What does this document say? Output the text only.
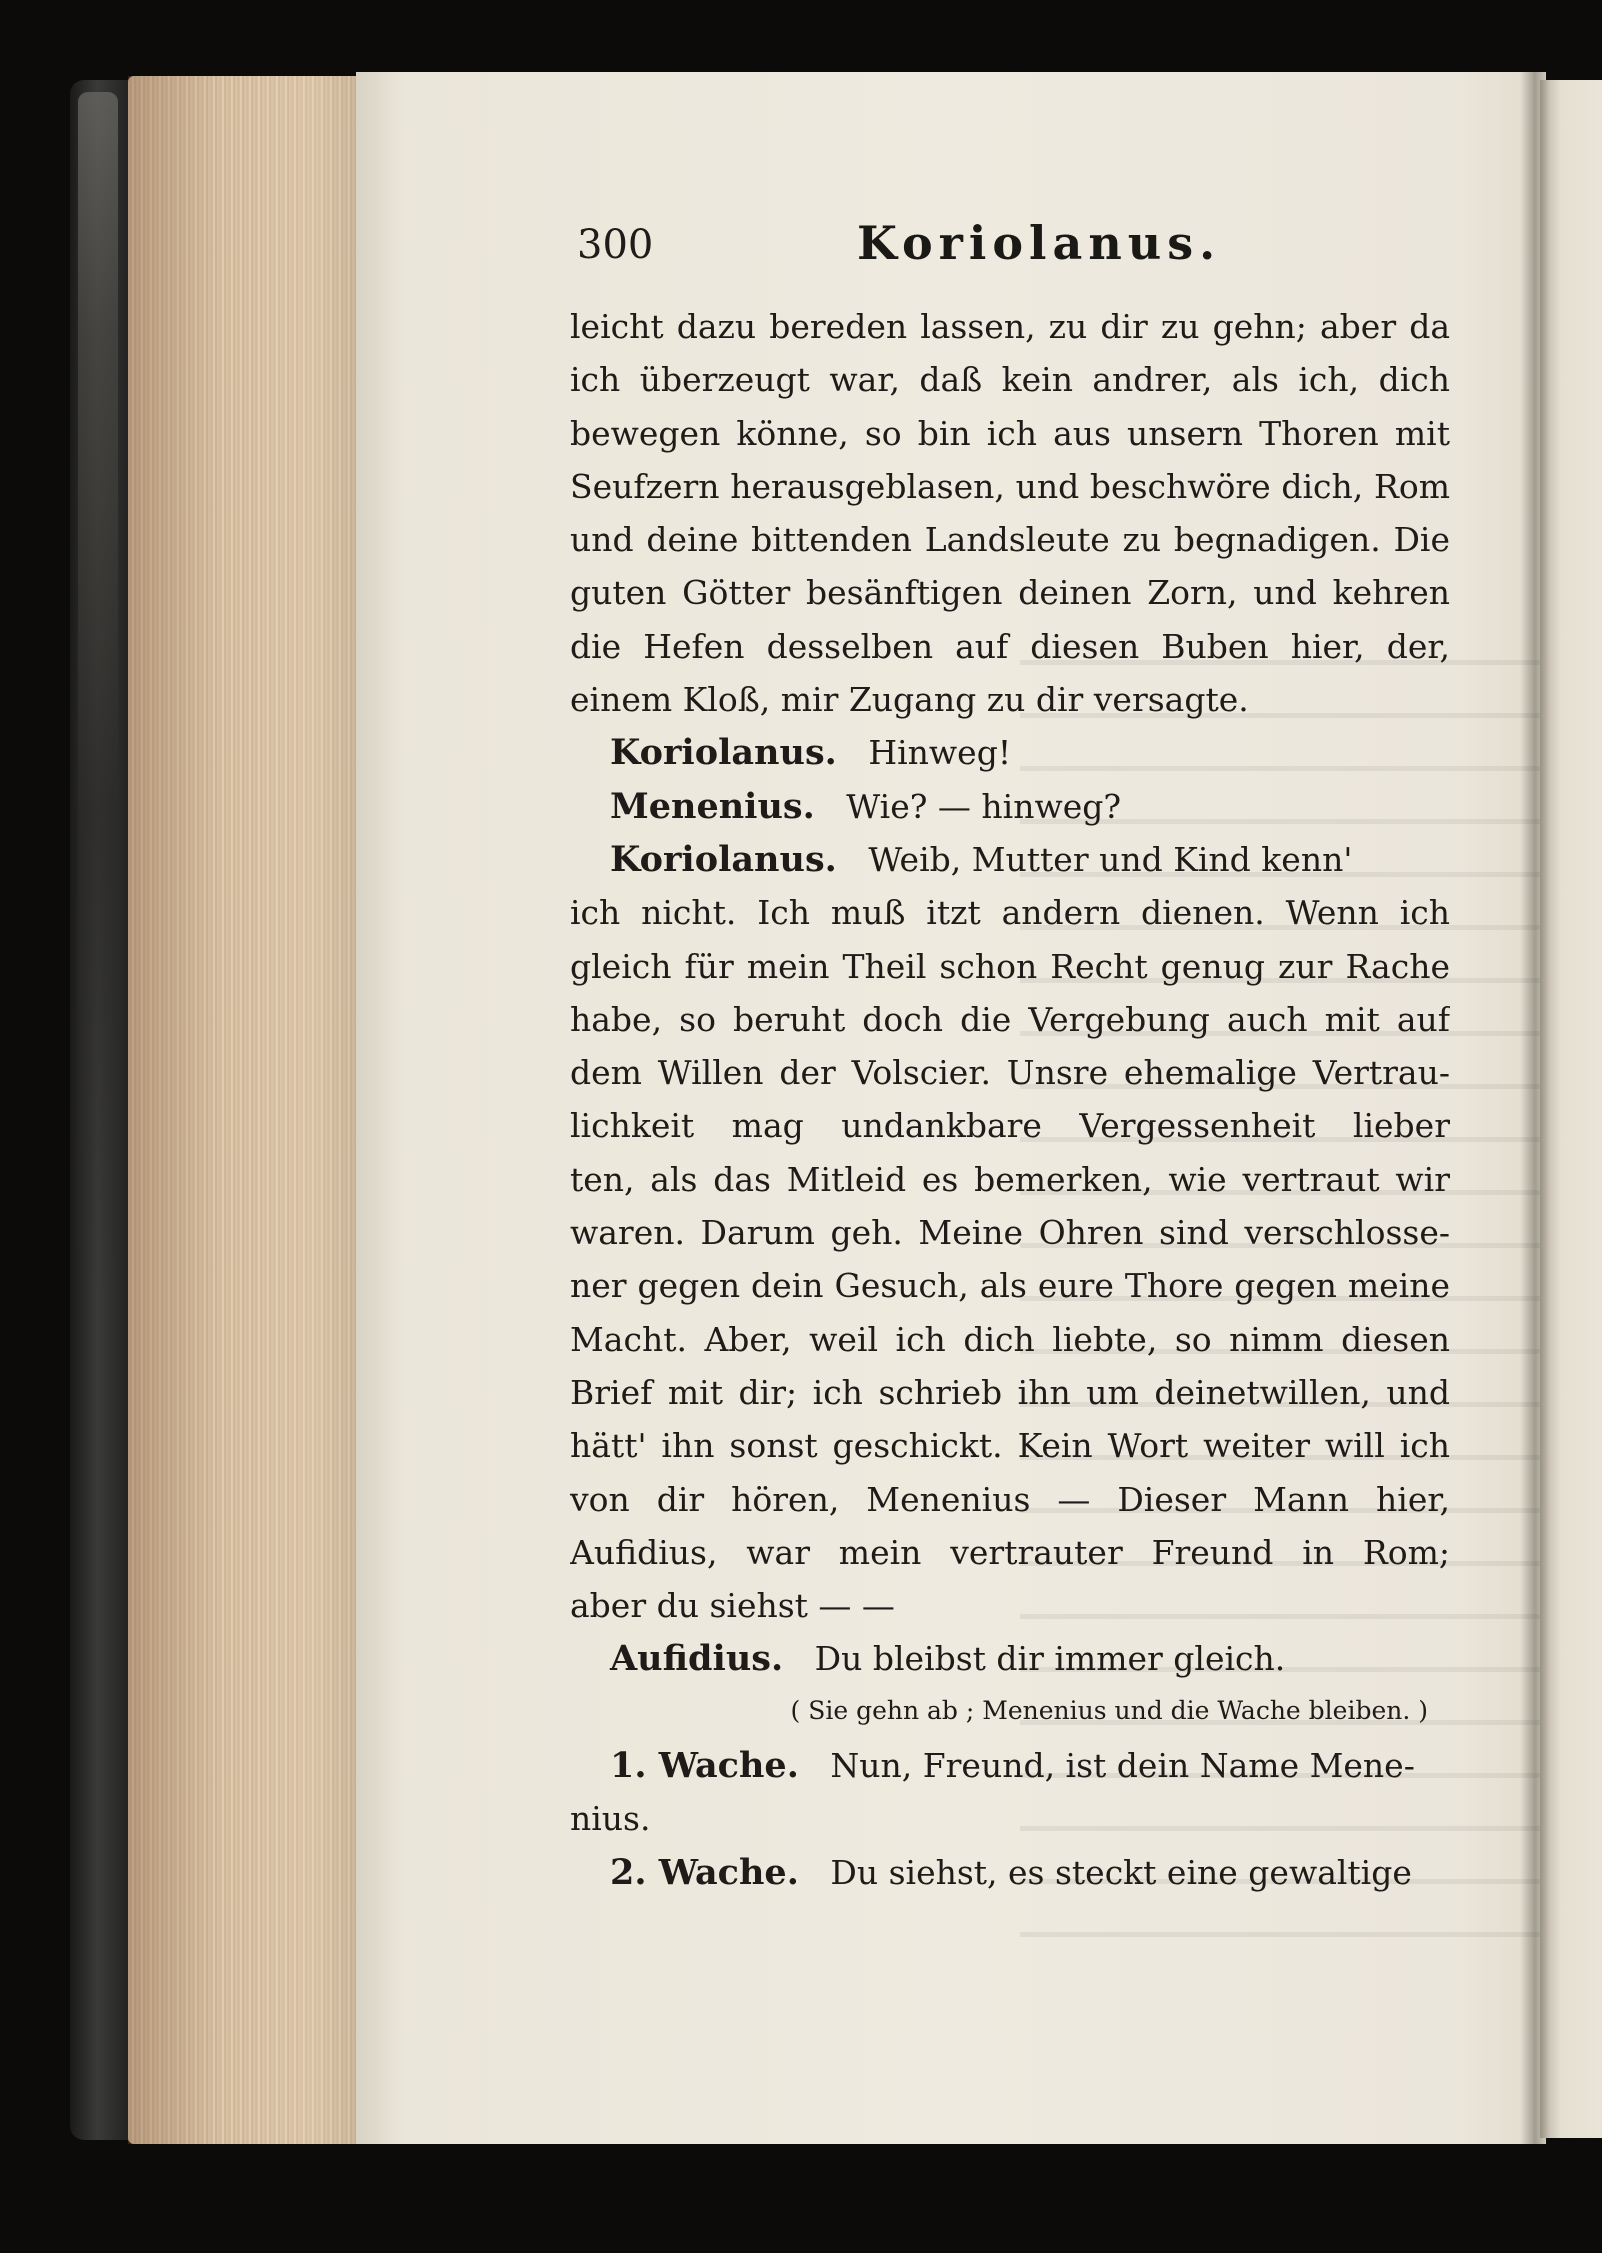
300	Koriolanus.
leicht dazu bereden lassen, zu dir zu gehn; aber da
ich überzeugt war, daß kein andrer, als ich, dich
bewegen könne, so bin ich aus unsern Thoren mit
Seufzern herausgeblasen, und beschwöre dich, Rom
und deine bittenden Landsleute zu begnadigen. Die
guten Götter besänftigen deinen Zorn, und kehren
die Hefen desselben auf diesen Buben hier, der,
einem Kloß, mir Zugang zu dir versagte.
Koriolanus. Hinweg!
Menenius. Wie? — hinweg?
Koriolanus. Weib, Mutter und Kind kenn'
ich nicht. Ich muß itzt andern dienen. Wenn ich
gleich für mein Theil schon Recht genug zur Rache
habe, so beruht doch die Vergebung auch mit auf
dem Willen der Volscier. Unsre ehemalige Vertrau-
lichkeit mag undankbare Vergessenheit lieber
ten, als das Mitleid es bemerken, wie vertraut wir
waren. Darum geh. Meine Ohren sind verschlosse-
ner gegen dein Gesuch, als eure Thore gegen meine
Macht. Aber, weil ich dich liebte, so nimm diesen
Brief mit dir; ich schrieb ihn um deinetwillen, und
hätt' ihn sonst geschickt. Kein Wort weiter will ich
von dir hören, Menenius — Dieser Mann hier,
Aufidius, war mein vertrauter Freund in Rom;
aber du siehst — —
Aufidius. Du bleibst dir immer gleich.
( Sie gehn ab ; Menenius und die Wache bleiben. )
1. Wache. Nun, Freund, ist dein Name Mene-
nius.
2. Wache. Du siehst, es steckt eine gewaltige
